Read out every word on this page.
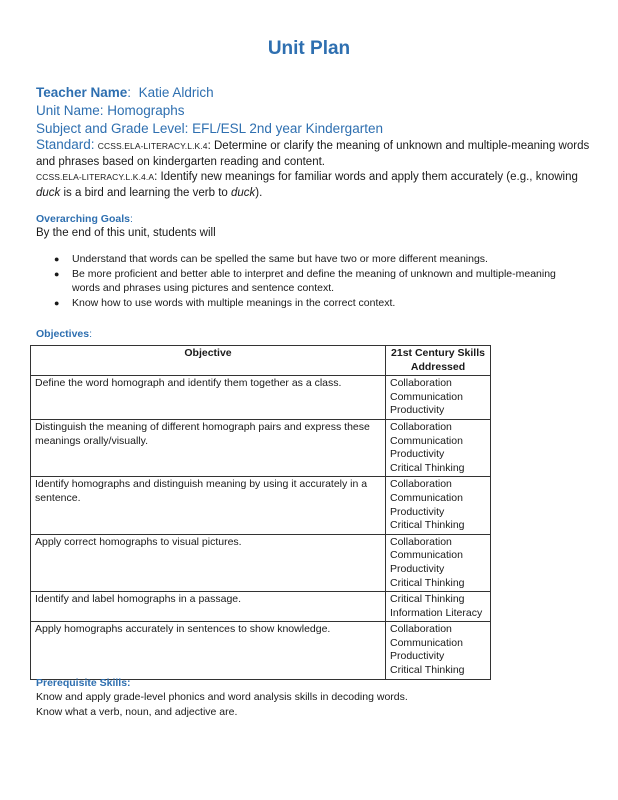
Unit Plan
Teacher Name:  Katie Aldrich
Unit Name: Homographs
Subject and Grade Level: EFL/ESL 2nd year Kindergarten
Standard: CCSS.ELA-LITERACY.L.K.4: Determine or clarify the meaning of unknown and multiple-meaning words and phrases based on kindergarten reading and content.
CCSS.ELA-LITERACY.L.K.4.A: Identify new meanings for familiar words and apply them accurately (e.g., knowing duck is a bird and learning the verb to duck).
Overarching Goals:
By the end of this unit, students will
● Understand that words can be spelled the same but have two or more different meanings.
● Be more proficient and better able to interpret and define the meaning of unknown and multiple-meaning words and phrases using pictures and sentence context.
● Know how to use words with multiple meanings in the correct context.
Objectives:
Objective	21st Century Skills Addressed
Define the word homograph and identify them together as a class.	Collaboration
Communication
Productivity

Distinguish the meaning of different homograph pairs and express these meanings orally/visually.	Collaboration
Communication
Productivity
Critical Thinking

Identify homographs and distinguish meaning by using it accurately in a sentence.	Collaboration
Communication
Productivity
Critical Thinking

Apply correct homographs to visual pictures.	Collaboration
Communication
Productivity
Critical Thinking

Identify and label homographs in a passage.	Critical Thinking
Information Literacy

Apply homographs accurately in sentences to show knowledge.	Collaboration
Communication
Productivity
Critical Thinking
Prerequisite Skills:
Know and apply grade-level phonics and word analysis skills in decoding words.
Know what a verb, noun, and adjective are.
